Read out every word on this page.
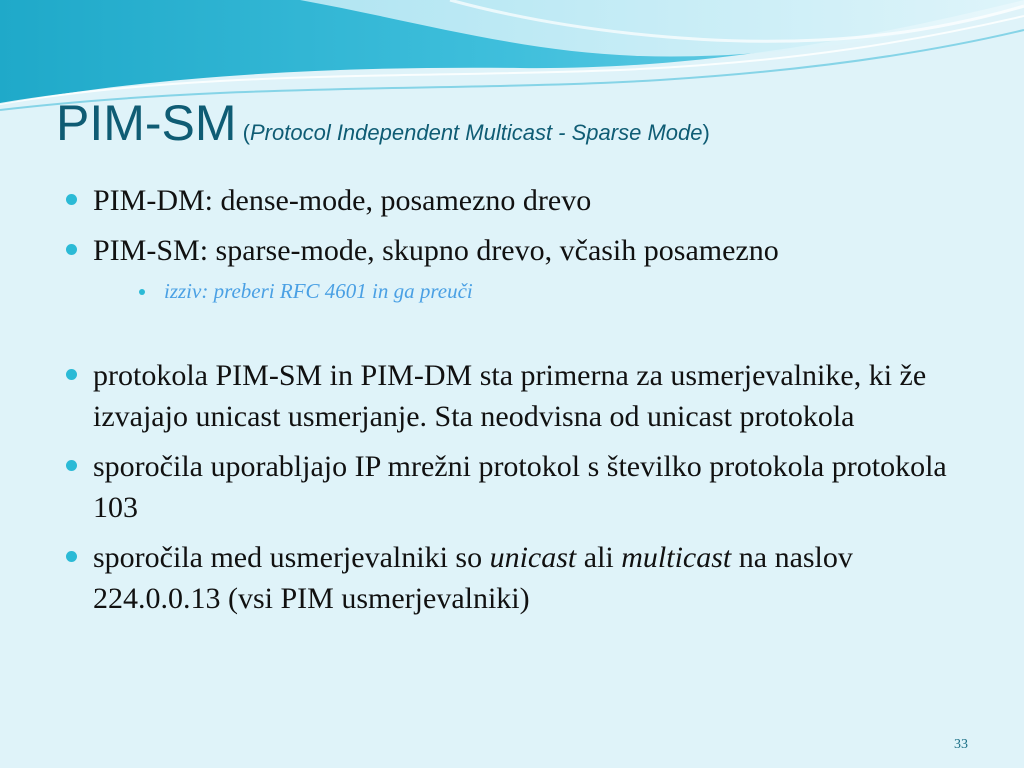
PIM-SM (Protocol Independent Multicast - Sparse Mode)
PIM-DM: dense-mode, posamezno drevo
PIM-SM: sparse-mode, skupno drevo, včasih posamezno
izziv: preberi RFC 4601 in ga preuči
protokola PIM-SM in PIM-DM sta primerna za usmerjevalnike, ki že izvajajo unicast usmerjanje. Sta neodvisna od unicast protokola
sporočila uporabljajo IP mrežni protokol s številko protokola protokola 103
sporočila med usmerjevalniki so unicast ali multicast na naslov 224.0.0.13 (vsi PIM usmerjevalniki)
33
